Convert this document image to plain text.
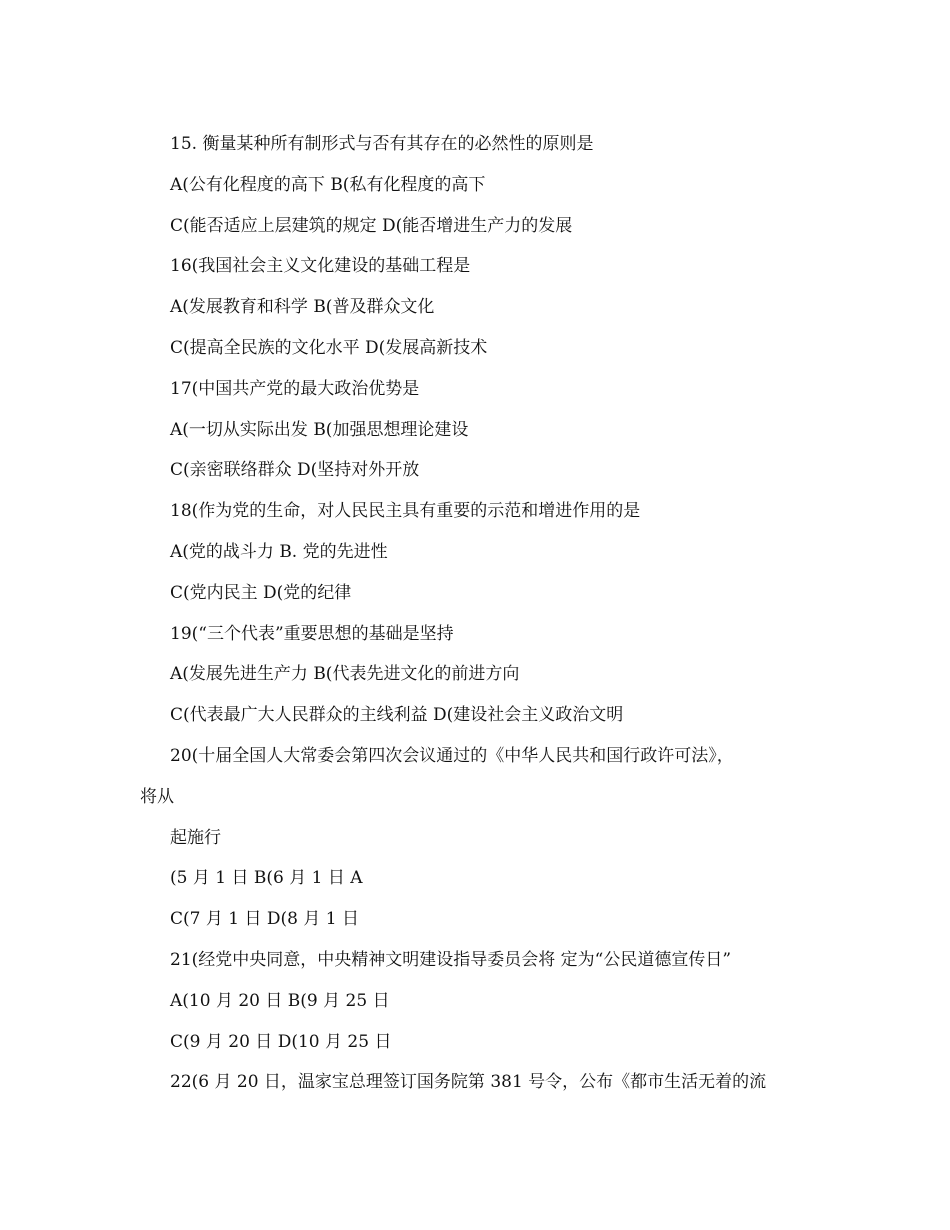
15. 衡量某种所有制形式与否有其存在的必然性的原则是
A(公有化程度的高下 B(私有化程度的高下
C(能否适应上层建筑的规定 D(能否增进生产力的发展
16(我国社会主义文化建设的基础工程是
A(发展教育和科学 B(普及群众文化
C(提高全民族的文化水平 D(发展高新技术
17(中国共产党的最大政治优势是
A(一切从实际出发 B(加强思想理论建设
C(亲密联络群众 D(坚持对外开放
18(作为党的生命，对人民民主具有重要的示范和增进作用的是
A(党的战斗力 B. 党的先进性
C(党内民主 D(党的纪律
19(“三个代表”重要思想的基础是坚持
A(发展先进生产力 B(代表先进文化的前进方向
C(代表最广大人民群众的主线利益 D(建设社会主义政治文明
20(十届全国人大常委会第四次会议通过的《中华人民共和国行政许可法》，
将从
起施行
(5 月 1 日 B(6 月 1 日 A
C(7 月 1 日 D(8 月 1 日
21(经党中央同意，中央精神文明建设指导委员会将 定为“公民道德宣传日”
A(10 月 20 日 B(9 月 25 日
C(9 月 20 日 D(10 月 25 日
22(6 月 20 日，温家宝总理签订国务院第 381 号令，公布《都市生活无着的流
